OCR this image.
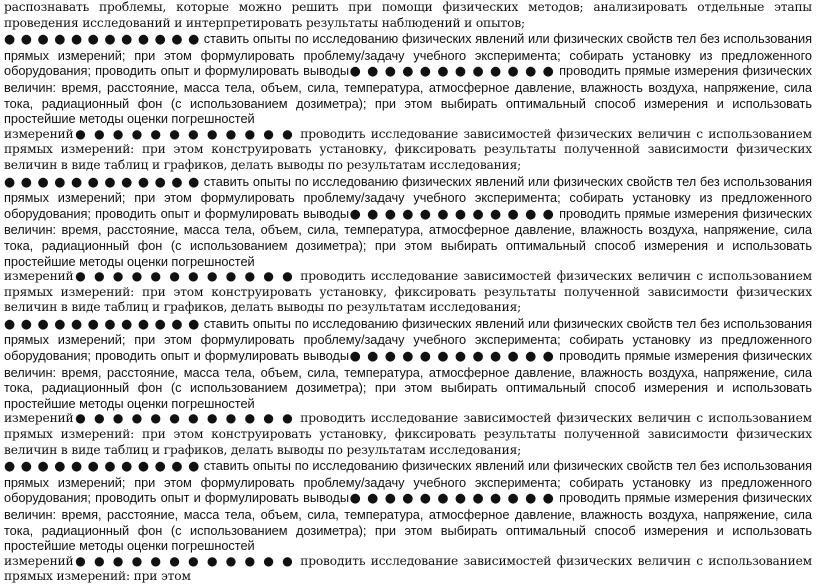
распознавать проблемы, которые можно решить при помощи физических методов; анализировать отдельные этапы проведения исследований и интерпретировать результаты наблюдений и опытов;

● ● ● ● ● ● ● ● ● ● ● ● ставить опыты по исследованию физических явлений или физических свойств тел без использования прямых измерений; при этом формулировать проблему/задачу учебного эксперимента; собирать установку из предложенного оборудования; проводить опыт и формулировать выводы● ● ● ● ● ● ● ● ● ● ● ● проводить прямые измерения физических величин: время, расстояние, масса тела, объем, сила, температура, атмосферное давление, влажность воздуха, напряжение, сила тока, радиационный фон (с использованием дозиметра); при этом выбирать оптимальный способ измерения и использовать простейшие методы оценки погрешностей

измерений● ● ● ● ● ● ● ● ● ● ● ● проводить исследование зависимостей физических величин с использованием прямых измерений: при этом конструировать установку, фиксировать результаты полученной зависимости физических величин в виде таблиц и графиков, делать выводы по результатам исследования;

● ● ● ● ● ● ● ● ● ● ● ● ставить опыты по исследованию физических явлений или физических свойств тел без использования прямых измерений; при этом формулировать проблему/задачу учебного эксперимента; собирать установку из предложенного оборудования; проводить опыт и формулировать выводы● ● ● ● ● ● ● ● ● ● ● ● проводить прямые измерения физических величин: время, расстояние, масса тела, объем, сила, температура, атмосферное давление, влажность воздуха, напряжение, сила тока, радиационный фон (с использованием дозиметра); при этом выбирать оптимальный способ измерения и использовать простейшие методы оценки погрешностей

измерений● ● ● ● ● ● ● ● ● ● ● ● проводить исследование зависимостей физических величин с использованием прямых измерений: при этом конструировать установку, фиксировать результаты полученной зависимости физических величин в виде таблиц и графиков, делать выводы по результатам исследования;

● ● ● ● ● ● ● ● ● ● ● ● ставить опыты по исследованию физических явлений или физических свойств тел без использования прямых измерений; при этом формулировать проблему/задачу учебного эксперимента; собирать установку из предложенного оборудования; проводить опыт и формулировать выводы● ● ● ● ● ● ● ● ● ● ● ● проводить прямые измерения физических величин: время, расстояние, масса тела, объем, сила, температура, атмосферное давление, влажность воздуха, напряжение, сила тока, радиационный фон (с использованием дозиметра); при этом выбирать оптимальный способ измерения и использовать простейшие методы оценки погрешностей

измерений● ● ● ● ● ● ● ● ● ● ● ● проводить исследование зависимостей физических величин с использованием прямых измерений: при этом конструировать установку, фиксировать результаты полученной зависимости физических величин в виде таблиц и графиков, делать выводы по результатам исследования;

● ● ● ● ● ● ● ● ● ● ● ● ставить опыты по исследованию физических явлений или физических свойств тел без использования прямых измерений; при этом формулировать проблему/задачу учебного эксперимента; собирать установку из предложенного оборудования; проводить опыт и формулировать выводы● ● ● ● ● ● ● ● ● ● ● ● проводить прямые измерения физических величин: время, расстояние, масса тела, объем, сила, температура, атмосферное давление, влажность воздуха, напряжение, сила тока, радиационный фон (с использованием дозиметра); при этом выбирать оптимальный способ измерения и использовать простейшие методы оценки погрешностей

измерений● ● ● ● ● ● ● ● ● ● ● ● проводить исследование зависимостей физических величин с использованием прямых измерений: при этом
